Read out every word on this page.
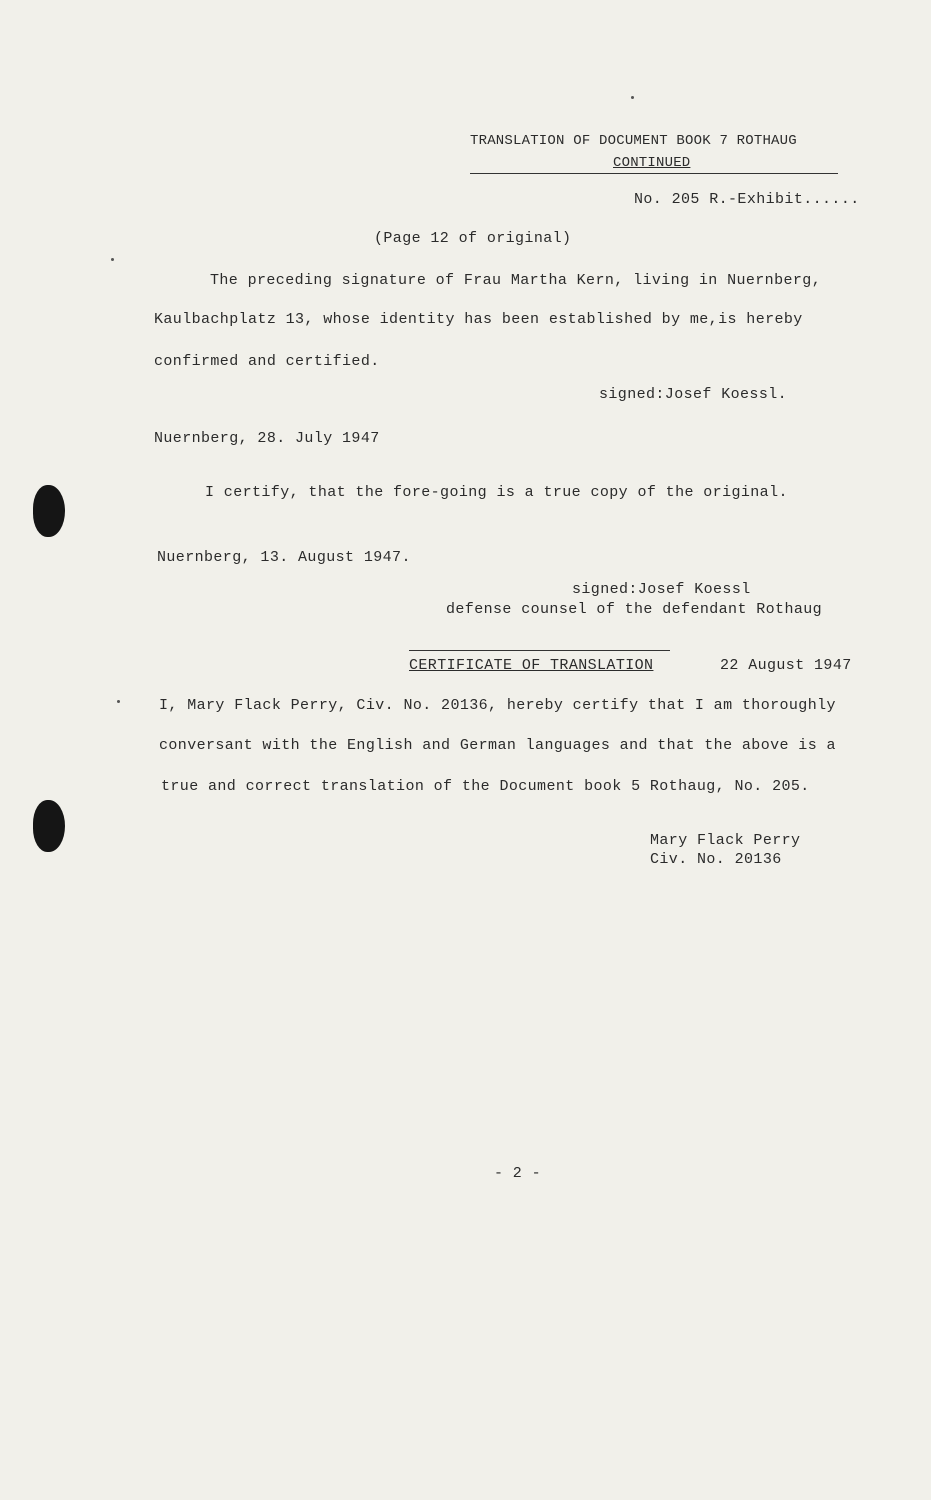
TRANSLATION OF DOCUMENT BOOK 7 ROTHAUG
CONTINUED
No. 205 R.-Exhibit......
(Page 12 of original)
The preceding signature of Frau Martha Kern, living in Nuernberg,
Kaulbachplatz 13, whose identity has been established by me,is hereby
confirmed and certified.
signed:Josef Koessl.
Nuernberg, 28. July 1947
I certify, that the fore-going is a true copy of the original.
Nuernberg, 13. August 1947.
signed:Josef Koessl
defense counsel of the defendant Rothaug
CERTIFICATE OF TRANSLATION	22 August 1947
I, Mary Flack Perry, Civ. No. 20136, hereby certify that I am thoroughly
conversant with the English and German languages and that the above is a
true and correct translation of the Document book 5 Rothaug, No. 205.
Mary Flack Perry
Civ. No. 20136
- 2 -
